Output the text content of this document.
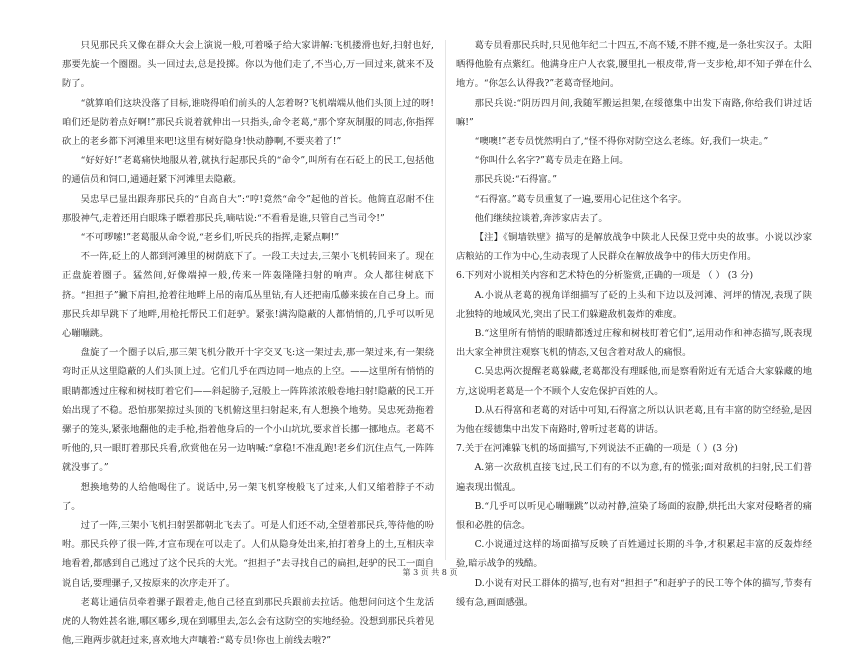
只见那民兵又像在群众大会上演说一般,可着嗓子给大家讲解:飞机搂滑也好,扫射也好,那要先旋一个圈圈。头一回过去,总是投掷。你以为他们走了,不当心,万一回过来,就来不及防了。

“就算咱们这块没落了目标,谁晓得咱们前头的人怎着呀?飞机端端从他们头顶上过的呀!咱们还是防着点好啊!”那民兵说着就伸出一只指头,命令老葛,“那个穿灰制服的同志,你指挥砍上的老乡都下河滩里来吧!这里有树好隐身!快动静啊,不要夹着了!”

“好好好!”老葛痛快地服从着,就执行起那民兵的“命令”,叫所有在石砭上的民工,包括他的通信员和饲口,通通赶紧下河滩里去隐蔽。

吴忠早已显出跟奔那民兵的“自高自大”:“哼!竟然“命令”起他的首长。他简直忍耐不住那股神气,走着还用白眼珠子瞟着那民兵,嘀咕说:“不看看是谁,只管自己当司令!”

“不可啰嗦!”老葛服从命令说,“老乡们,听民兵的指挥,走紧点啊!”

不一阵,砭上的人都到河滩里的树荫底下了。一段工夫过去,三架小飞机转回来了。现在正盘旋着圈子。猛然间,好像端掉一般,传来一阵轰隆隆扫射的响声。众人都往树底下挤。“担担子”撇下肩担,抢着往地畔上吊的南瓜丛里钻,有人还把南瓜藤来拔在自己身上。而那民兵却早跳下了地畔,用枪托帮民工们赶驴。紧张!满沟隐蔽的人都悄悄的,几乎可以听见心嘣嘣跳。

盘旋了一个圈子以后,那三架飞机分散开十字交叉飞:这一架过去,那一架过来,有一架绕弯时正从这里隐蔽的人们头顶上过。它们几乎在西边同一地点的上空。——这里所有悄悄的眼睛都透过庄稼和树枝盯着它们——斜起膀子,冠般上一阵阵浓浓般卷地扫射!隐蔽的民工开始出现了不稳。恐怕那架掠过头顶的飞机俯这里扫射起来,有人想换个地势。吴忠死劲拖着骡子的笼头,紧张地翻他的走手枪,指着他身后的一个小山坑坑,要求首长挪一挪地点。老葛不听他的,只一眼盯着那民兵看,欣赏他在另一边呐喊:“拿稳!不准乱跑!老乡们沉住点气,一阵阵就没事了。”

想换地势的人给他喝住了。说话中,另一架飞机穿梭般飞了过来,人们又缩着脖子不动了。

过了一阵,三架小飞机扫射罢都朝北飞去了。可是人们还不动,全望着那民兵,等待他的吩咐。那民兵停了很一阵,才宣布现在可以走了。人们从隐身处出来,拍打着身上的土,互相庆幸地看着,都感到自己逃过了这个民兵的大光。“担担子”去寻找自己的扁担,赶驴的民工一面自说自话,要理骡子,又按原来的次序走开了。

老葛让通信员牵着骡子跟着走,他自己径直到那民兵跟前去拉话。他想问问这个生龙活虎的人物姓甚名谁,哪区哪乡,现在到哪里去,怎么会有这防空的实地经验。没想到那民兵着见他,三跑两步就赶过来,喜欢地大声嚷着:“葛专员!你也上前线去啦?”

葛专员看那民兵时,只见他年纪二十四五,不高不矮,不胖不瘦,是一条壮实汉子。太阳晒得他脸有点紫红。他满身庄户人衣裳,腰里扎一根皮带,背一支步枪,却不知子弹在什么地方。“你怎么认得我?”老葛奇怪地问。

那民兵说:“阴历四月间,我随军搬运担架,在绥德集中出发下南路,你给我们讲过话嘛!”

“噢噢!”老专员恍然明白了,“怪不得你对防空这么老练。好,我们一块走。”

“你叫什么名字?”葛专员走在路上问。

那民兵说:“石得富。”

“石得富。”葛专员重复了一遍,要用心记住这个名字。

他们继续拉谈着,奔涉家店去了。

【注】《铜墙铁壁》描写的是解放战争中陕北人民保卫党中央的故事。小说以沙家店粮站的工作为中心,生动表现了人民群众在解放战争中的伟大历史作用。

6.下列对小说相关内容和艺术特色的分析鉴赏,正确的一项是 （ ） (3 分)

A.小说从老葛的视角详细描写了砭的上头和下边以及河滩、河坪的情况,表现了陕北独特的地域风光,突出了民工们躲避敌机轰炸的难度。

B.“这里所有悄悄的眼睛都透过庄稼和树枝盯着它们”,运用动作和神态描写,既表现出大家全神贯注观察飞机的情态,又包含着对敌人的痛恨。

C.吴忠两次提醒老葛躲藏,老葛都没有理睬他,而是察看附近有无适合大家躲藏的地方,这说明老葛是一个不顾个人安危保护百姓的人。

D.从石得富和老葛的对话中可知,石得富之所以认识老葛,且有丰富的防空经验,是因为他在绥德集中出发下南路时,曾听过老葛的讲话。

7.关于在河滩躲飞机的场面描写,下列说法不正确的一项是（ ）(3 分)

A.第一次敌机直接飞过,民工们有的不以为意,有的慌张;面对敌机的扫射,民工们普遍表现出慌乱。

B.“几乎可以听见心嘣嘣跳”以动衬静,渲染了场面的寂静,烘托出大家对侵略者的痛恨和必胜的信念。

C.小说通过这样的场面描写反映了百姓通过长期的斗争,才积累起丰富的反轰炸经验,暗示战争的残酷。

D.小说有对民工群体的描写,也有对“担担子”和赶驴子的民工等个体的描写,节奏有缓有急,画面感强。

第 3 页 共 8 页
